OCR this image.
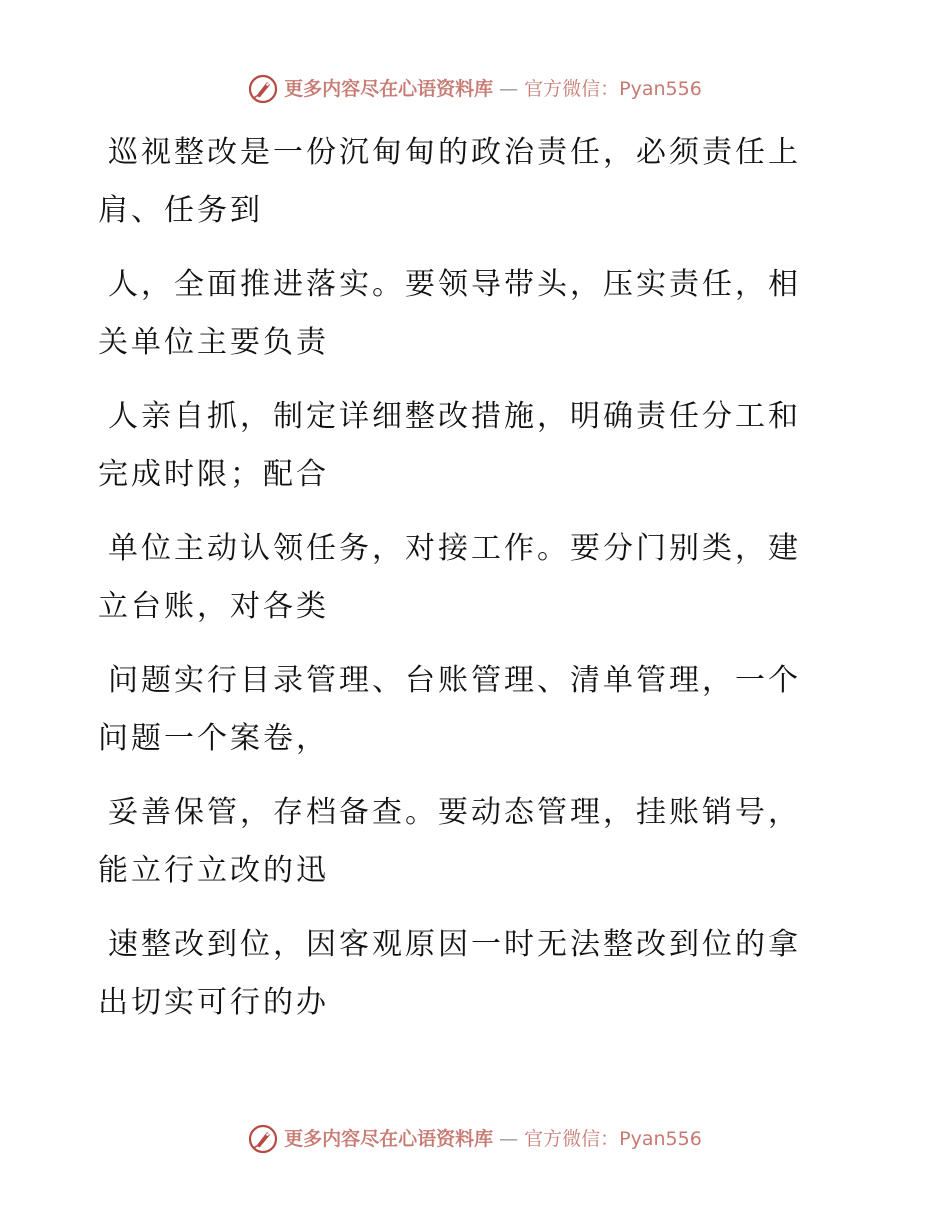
更多内容尽在心语资料库 — 官方微信：Pyan556
巡视整改是一份沉甸甸的政治责任，必须责任上
肩、任务到
人，全面推进落实。要领导带头，压实责任，相
关单位主要负责
人亲自抓，制定详细整改措施，明确责任分工和
完成时限；配合
单位主动认领任务，对接工作。要分门别类，建
立台账，对各类
问题实行目录管理、台账管理、清单管理，一个
问题一个案卷，
妥善保管，存档备查。要动态管理，挂账销号，
能立行立改的迅
速整改到位，因客观原因一时无法整改到位的拿
出切实可行的办
更多内容尽在心语资料库 — 官方微信：Pyan556
